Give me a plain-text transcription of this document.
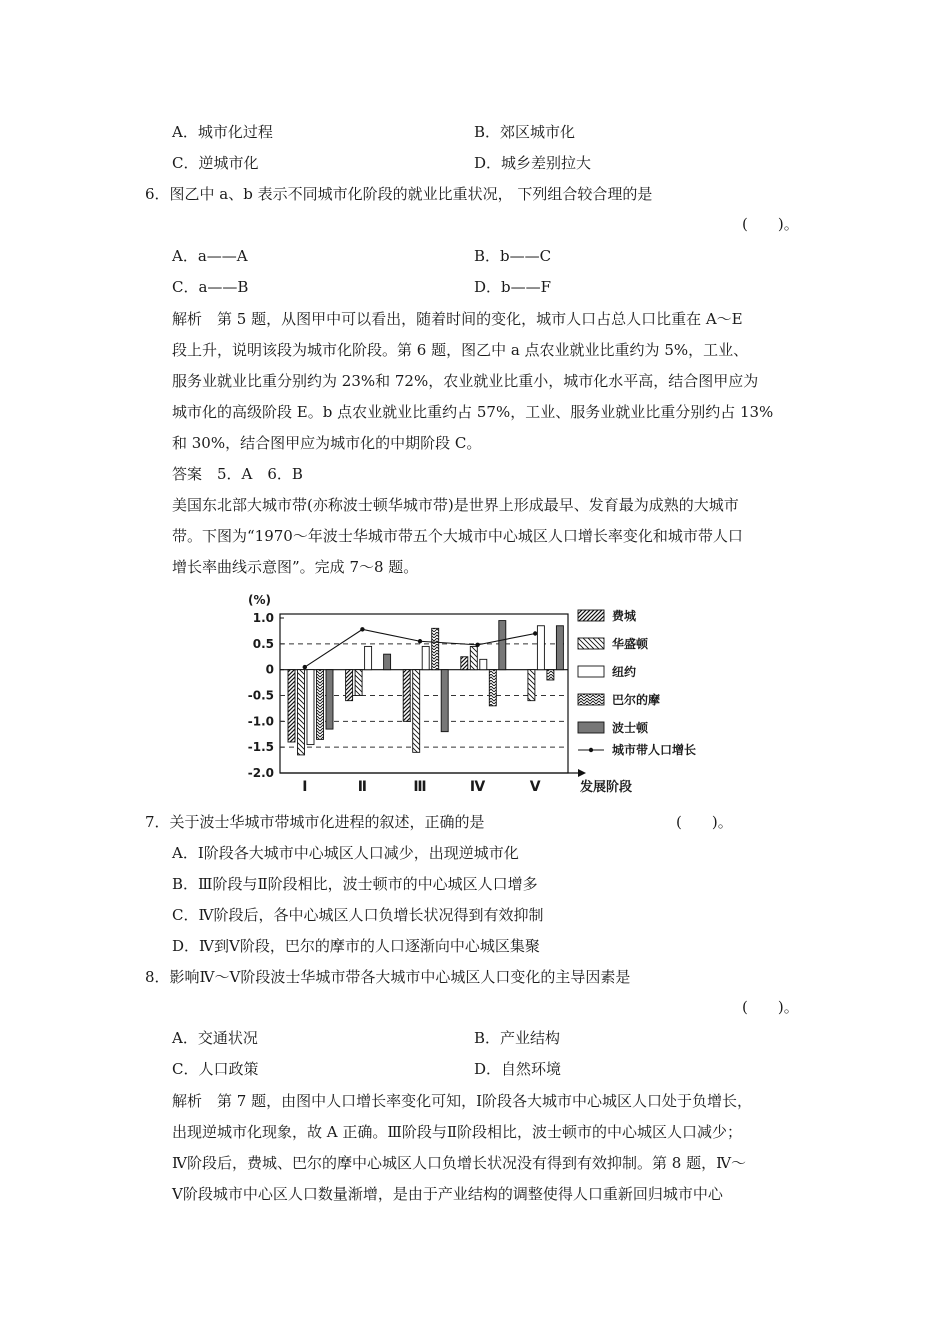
A．城市化过程	B．郊区城市化
C．逆城市化	D．城乡差别拉大
6．图乙中 a、b 表示不同城市化阶段的就业比重状况， 下列组合较合理的是
(　　)。
A．a——A	B．b——C
C．a——B	D．b——F
解析　第 5 题，从图甲中可以看出，随着时间的变化，城市人口占总人口比重在 A～E
段上升，说明该段为城市化阶段。第 6 题，图乙中 a 点农业就业比重约为 5%，工业、
服务业就业比重分别约为 23%和 72%，农业就业比重小，城市化水平高，结合图甲应为
城市化的高级阶段 E。b 点农业就业比重约占 57%，工业、服务业就业比重分别约占 13%
和 30%，结合图甲应为城市化的中期阶段 C。
答案　5．A　6．B
美国东北部大城市带(亦称波士顿华城市带)是世界上形成最早、发育最为成熟的大城市
带。下图为“1970～年波士华城市带五个大城市中心城区人口增长率变化和城市带人口
增长率曲线示意图”。完成 7～8 题。
(%)
1.0
0.5
0
-0.5
-1.0
-1.5
-2.0
Ⅰ	Ⅱ	Ⅲ	Ⅳ	Ⅴ	发展阶段
费城
华盛顿
纽约
巴尔的摩
波士顿
城市带人口增长
7．关于波士华城市带城市化进程的叙述，正确的是	(　　)。
A．Ⅰ阶段各大城市中心城区人口减少，出现逆城市化
B．Ⅲ阶段与Ⅱ阶段相比，波士顿市的中心城区人口增多
C．Ⅳ阶段后，各中心城区人口负增长状况得到有效抑制
D．Ⅳ到Ⅴ阶段，巴尔的摩市的人口逐渐向中心城区集聚
8．影响Ⅳ～Ⅴ阶段波士华城市带各大城市中心城区人口变化的主导因素是
(　　)。
A．交通状况	B．产业结构
C．人口政策	D．自然环境
解析　第 7 题，由图中人口增长率变化可知，Ⅰ阶段各大城市中心城区人口处于负增长，
出现逆城市化现象，故 A 正确。Ⅲ阶段与Ⅱ阶段相比，波士顿市的中心城区人口减少；
Ⅳ阶段后，费城、巴尔的摩中心城区人口负增长状况没有得到有效抑制。第 8 题，Ⅳ～
Ⅴ阶段城市中心区人口数量渐增，是由于产业结构的调整使得人口重新回归城市中心
